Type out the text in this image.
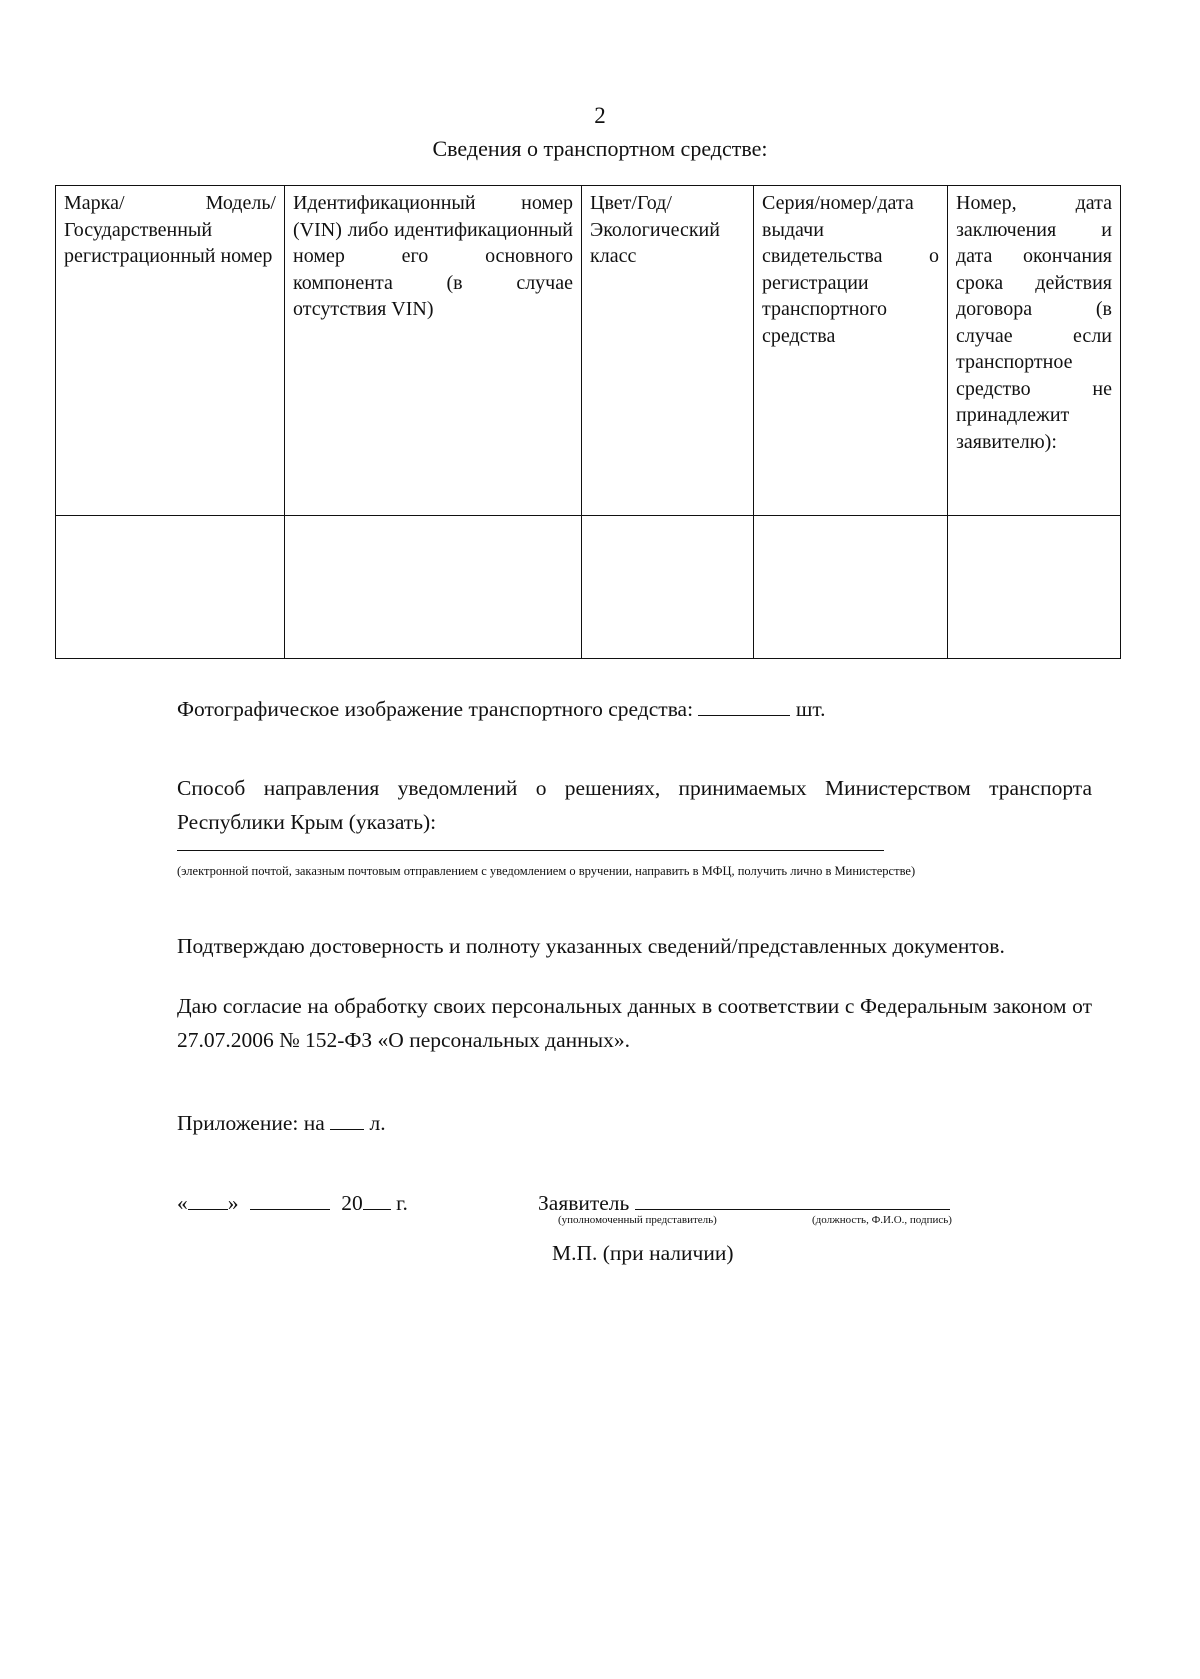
2
Сведения о транспортном средстве:
Марка/ Модель/ Государственный регистрационный номер	Идентификационный номер (VIN) либо идентификационный номер его основного компонента (в случае отсутствия VIN)	Цвет/Год/ Экологический класс	Серия/номер/дата выдачи свидетельства о регистрации транспортного средства	Номер, дата заключения и дата окончания срока действия договора (в случае если транспортное средство не принадлежит заявителю):

Фотографическое изображение транспортного средства:	шт.
Способ направления уведомлений о решениях, принимаемых Министерством транспорта Республики Крым (указать):
(электронной почтой, заказным почтовым отправлением с уведомлением о вручении, направить в МФЦ, получить лично в Министерстве)
Подтверждаю достоверность и полноту указанных сведений/представленных документов.
Даю согласие на обработку своих персональных данных в соответствии с Федеральным законом от 27.07.2006 № 152-ФЗ «О персональных данных».
Приложение: на л.
« »	20 г.	Заявитель
(уполномоченный представитель)	(должность, Ф.И.О., подпись)
М.П. (при наличии)
